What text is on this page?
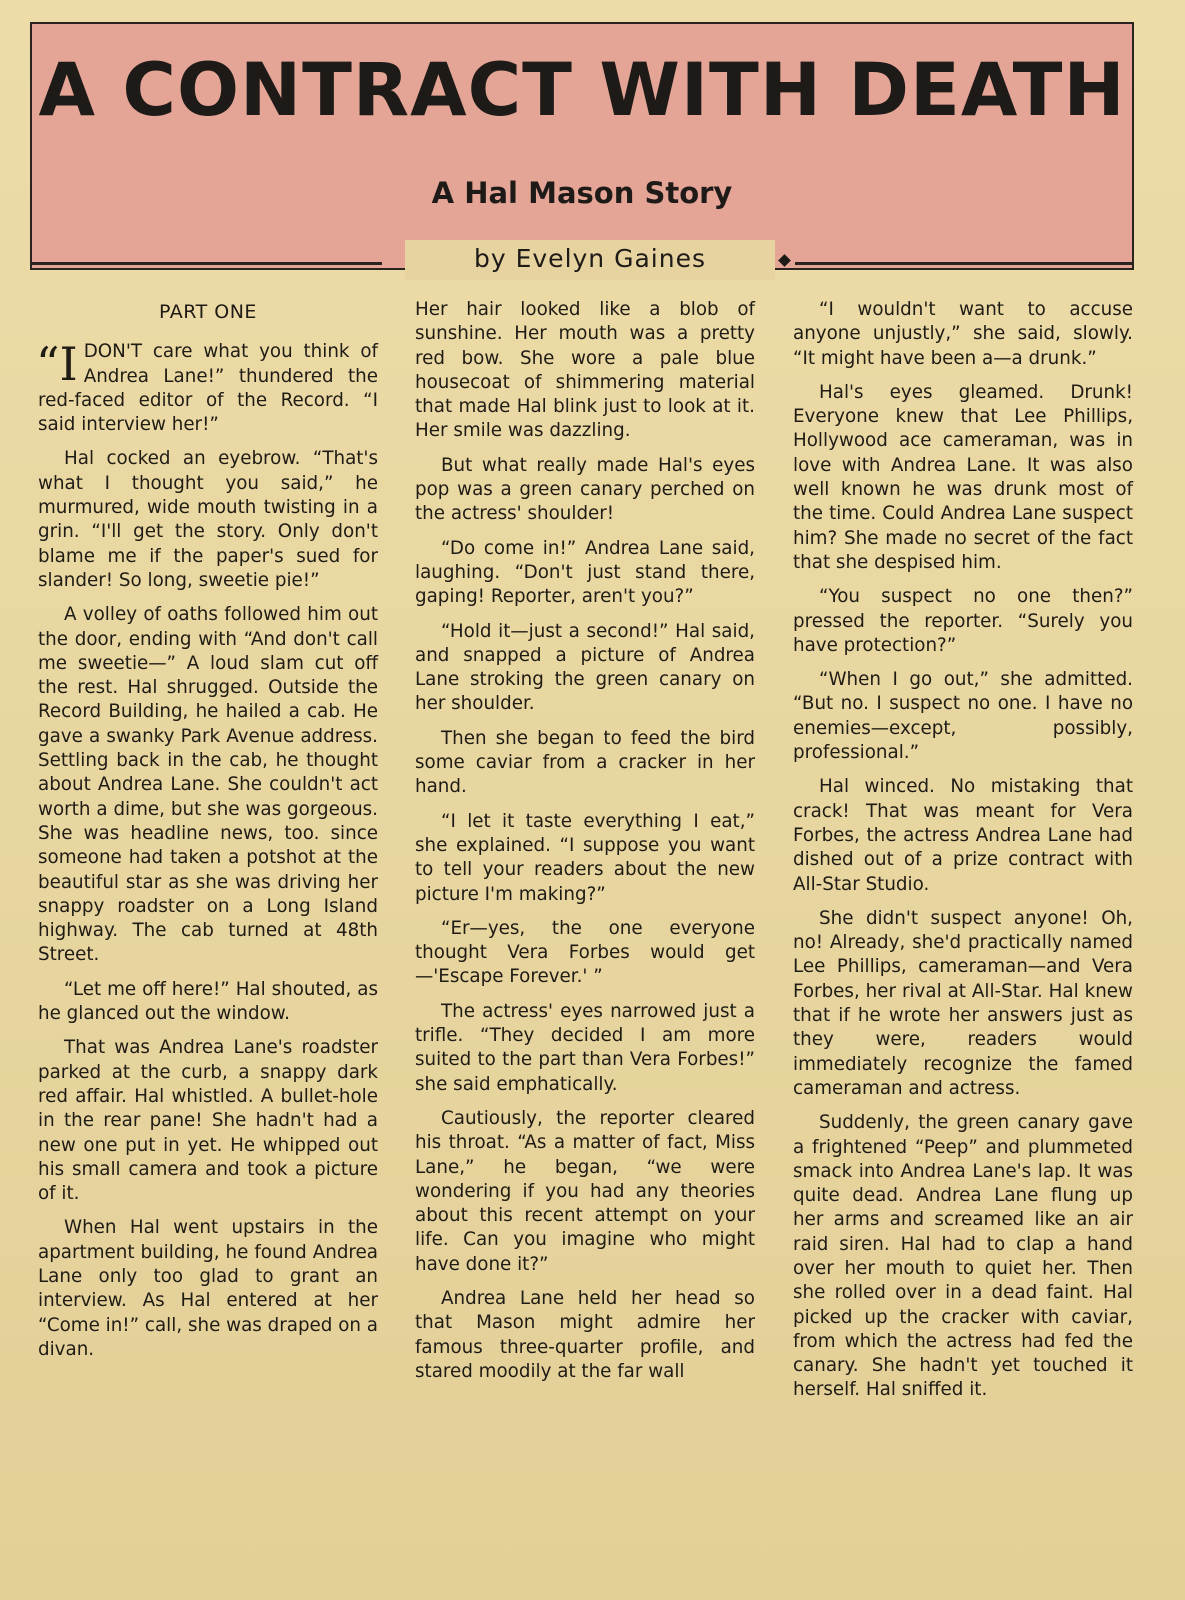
A CONTRACT WITH DEATH
A Hal Mason Story
by Evelyn Gaines
PART ONE

“I DON'T care what you think of Andrea Lane!” thundered the red-faced editor of the Record. “I said interview her!”

Hal cocked an eyebrow. “That's what I thought you said,” he murmured, wide mouth twisting in a grin. “I'll get the story. Only don't blame me if the paper's sued for slander! So long, sweetie pie!”

A volley of oaths followed him out the door, ending with “And don't call me sweetie—” A loud slam cut off the rest. Hal shrugged. Outside the Record Building, he hailed a cab. He gave a swanky Park Avenue address. Settling back in the cab, he thought about Andrea Lane. She couldn't act worth a dime, but she was gorgeous. She was headline news, too. since someone had taken a potshot at the beautiful star as she was driving her snappy roadster on a Long Island highway. The cab turned at 48th Street.

“Let me off here!” Hal shouted, as he glanced out the window.

That was Andrea Lane's roadster parked at the curb, a snappy dark red affair. Hal whistled. A bullet-hole in the rear pane! She hadn't had a new one put in yet. He whipped out his small camera and took a picture of it.

When Hal went upstairs in the apartment building, he found Andrea Lane only too glad to grant an interview. As Hal entered at her “Come in!” call, she was draped on a divan.

Her hair looked like a blob of sunshine. Her mouth was a pretty red bow. She wore a pale blue housecoat of shimmering material that made Hal blink just to look at it. Her smile was dazzling.

But what really made Hal's eyes pop was a green canary perched on the actress' shoulder!

“Do come in!” Andrea Lane said, laughing. “Don't just stand there, gaping! Reporter, aren't you?”

“Hold it—just a second!” Hal said, and snapped a picture of Andrea Lane stroking the green canary on her shoulder.

Then she began to feed the bird some caviar from a cracker in her hand.

“I let it taste everything I eat,” she explained. “I suppose you want to tell your readers about the new picture I'm making?”

“Er—yes, the one everyone thought Vera Forbes would get —'Escape Forever.' ”

The actress' eyes narrowed just a trifle. “They decided I am more suited to the part than Vera Forbes!” she said emphatically.

Cautiously, the reporter cleared his throat. “As a matter of fact, Miss Lane,” he began, “we were wondering if you had any theories about this recent attempt on your life. Can you imagine who might have done it?”

Andrea Lane held her head so that Mason might admire her famous three-quarter profile, and stared moodily at the far wall

“I wouldn't want to accuse anyone unjustly,” she said, slowly. “It might have been a—a drunk.”

Hal's eyes gleamed. Drunk! Everyone knew that Lee Phillips, Hollywood ace cameraman, was in love with Andrea Lane. It was also well known he was drunk most of the time. Could Andrea Lane suspect him? She made no secret of the fact that she despised him.

“You suspect no one then?” pressed the reporter. “Surely you have protection?”

“When I go out,” she admitted. “But no. I suspect no one. I have no enemies—except, possibly, professional.”

Hal winced. No mistaking that crack! That was meant for Vera Forbes, the actress Andrea Lane had dished out of a prize contract with All-Star Studio.

She didn't suspect anyone! Oh, no! Already, she'd practically named Lee Phillips, cameraman—and Vera Forbes, her rival at All-Star. Hal knew that if he wrote her answers just as they were, readers would immediately recognize the famed cameraman and actress.

Suddenly, the green canary gave a frightened “Peep” and plummeted smack into Andrea Lane's lap. It was quite dead. Andrea Lane flung up her arms and screamed like an air raid siren. Hal had to clap a hand over her mouth to quiet her. Then she rolled over in a dead faint. Hal picked up the cracker with caviar, from which the actress had fed the canary. She hadn't yet touched it herself. Hal sniffed it.
